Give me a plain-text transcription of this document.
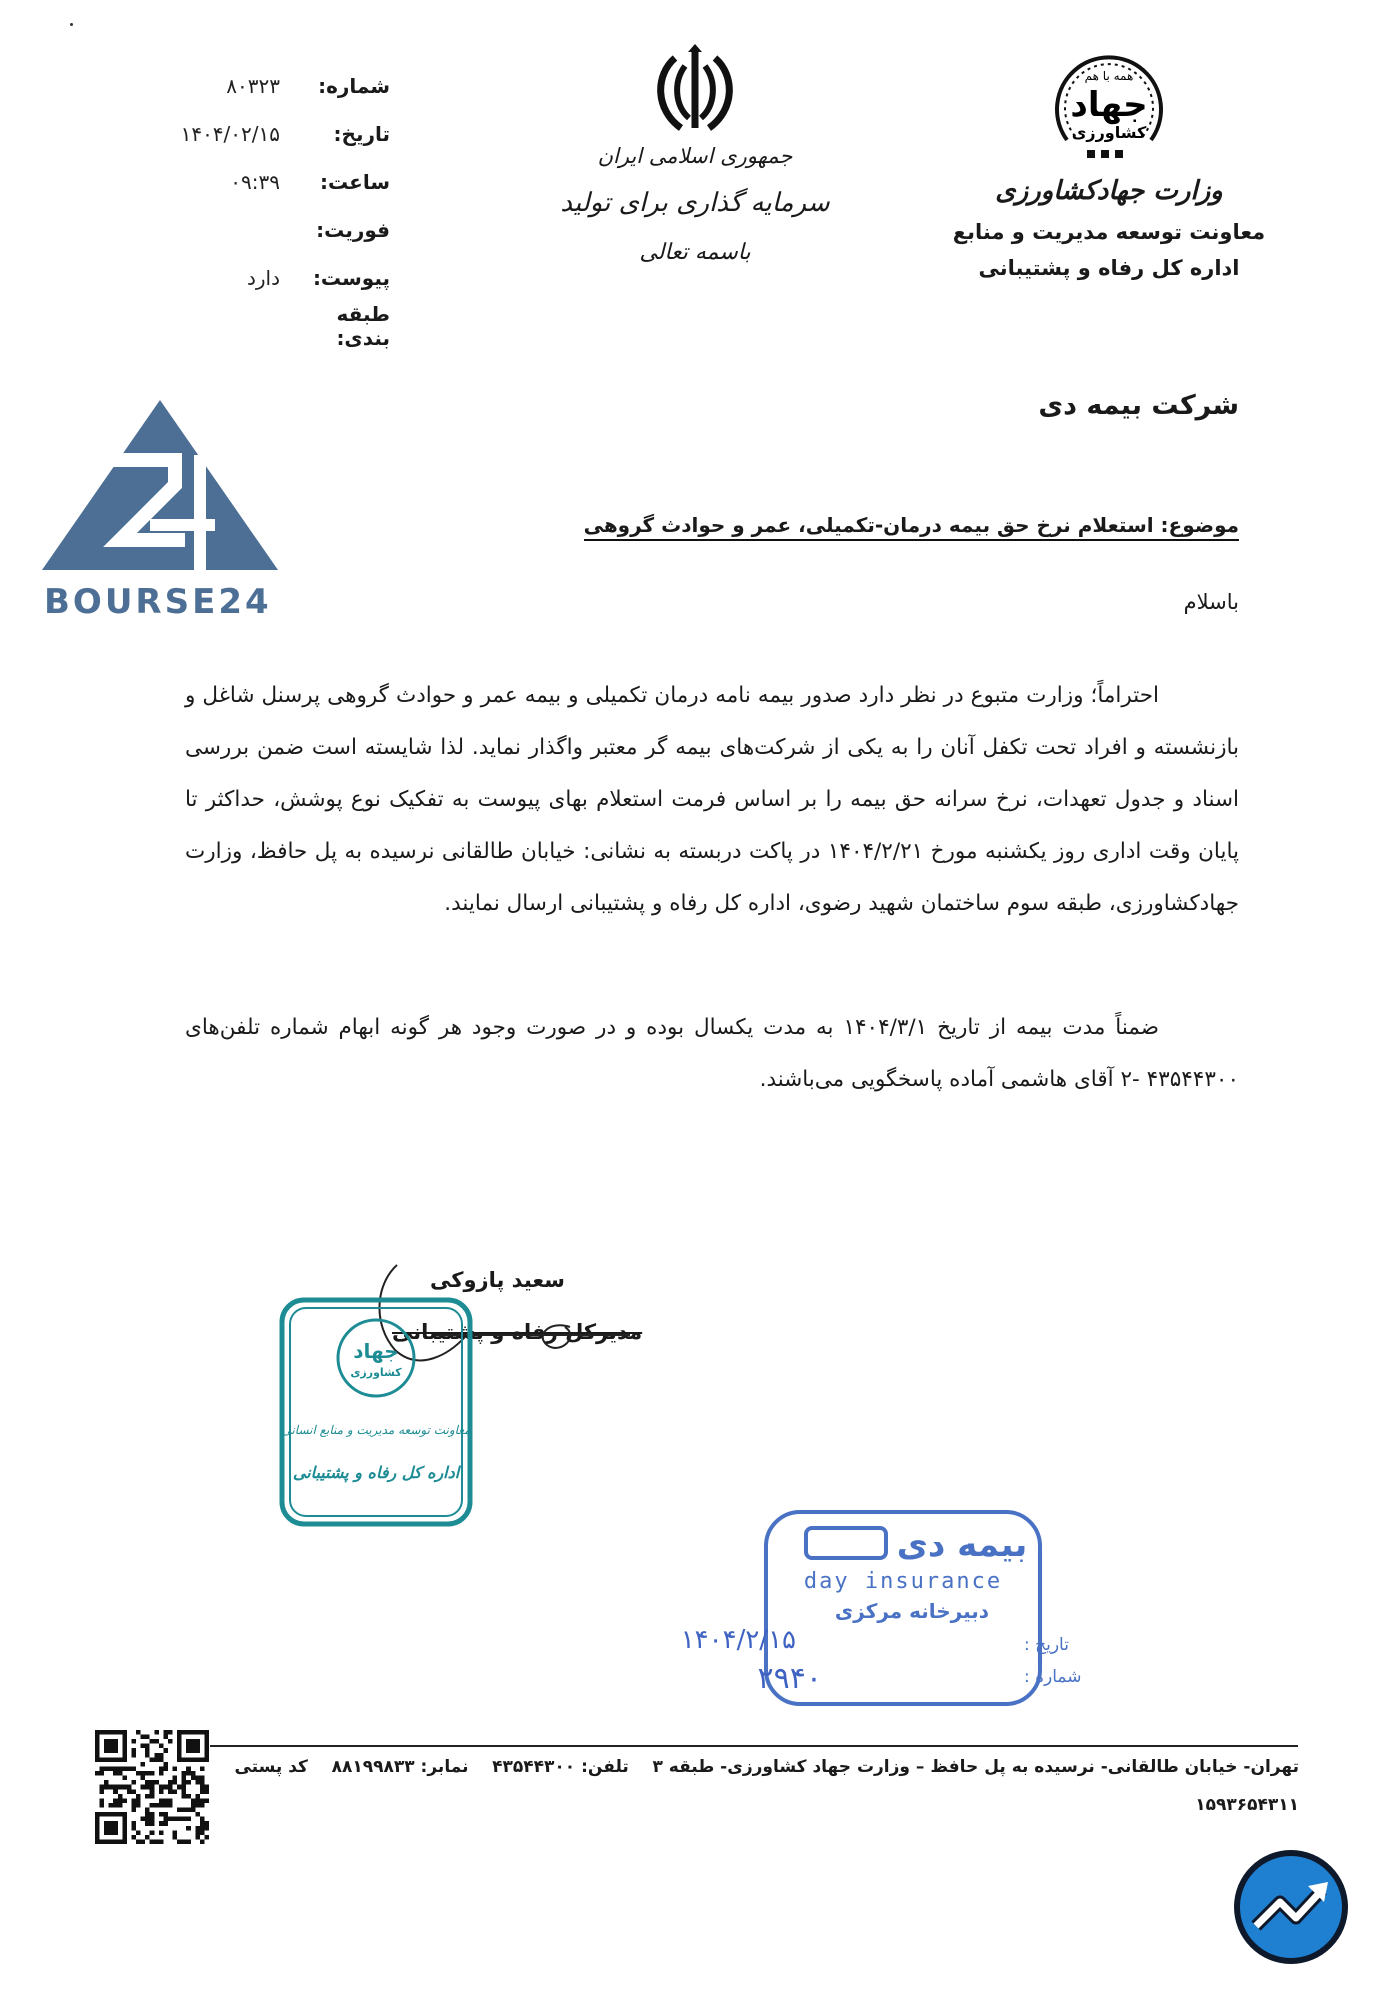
شماره:
۸۰۳۲۳
تاریخ:
۱۴۰۴/۰۲/۱۵
ساعت:
۰۹:۳۹
فوریت:
پیوست:
دارد
طبقه بندی:
جمهوری اسلامی ایران
سرمایه گذاری برای تولید
باسمه تعالی
همه با هم
جهاد
کشاورزی
وزارت جهادکشاورزی
معاونت توسعه مدیریت و منابع
اداره کل رفاه و پشتیبانی
BOURSE24
شرکت بیمه دی
موضوع: استعلام نرخ حق بیمه درمان-تکمیلی، عمر و حوادث گروهی
باسلام
احتراماً؛ وزارت متبوع در نظر دارد صدور بیمه نامه درمان تکمیلی و بیمه عمر و حوادث گروهی پرسنل شاغل و بازنشسته و افراد تحت تکفل آنان را به یکی از شرکت‌های بیمه گر معتبر واگذار نماید. لذا شایسته است ضمن بررسی اسناد و جدول تعهدات، نرخ سرانه حق بیمه را بر اساس فرمت استعلام بهای پیوست به تفکیک نوع پوشش، حداکثر تا پایان وقت اداری روز یکشنبه مورخ ۱۴۰۴/۲/۲۱ در پاکت دربسته به نشانی: خیابان طالقانی نرسیده به پل حافظ، وزارت جهادکشاورزی، طبقه سوم ساختمان شهید رضوی، اداره کل رفاه و پشتیبانی ارسال نمایند.
ضمناً مدت بیمه از تاریخ ۱۴۰۴/۳/۱ به مدت یکسال بوده و در صورت وجود هر گونه ابهام شماره تلفن‌های ۴۳۵۴۴۳۰۰ -۲ آقای هاشمی آماده پاسخگویی می‌باشند.
سعید پازوکی
مدیرکل رفاه و پشتیبانی
جهاد
کشاورزی
معاونت توسعه مدیریت و منابع انسانی
اداره کل رفاه و پشتیبانی
بیمه دی
day insurance
دبیرخانه مرکزی
تاریخ :
۱۴۰۴/۲/۱۵
شماره :
۲۹۴۰
تهران- خیابان طالقانی- نرسیده به پل حافظ – وزارت جهاد کشاورزی- طبقه ۳    تلفن: ۴۳۵۴۴۳۰۰    نمابر: ۸۸۱۹۹۸۳۳    کد پستی
۱۵۹۳۶۵۴۳۱۱
